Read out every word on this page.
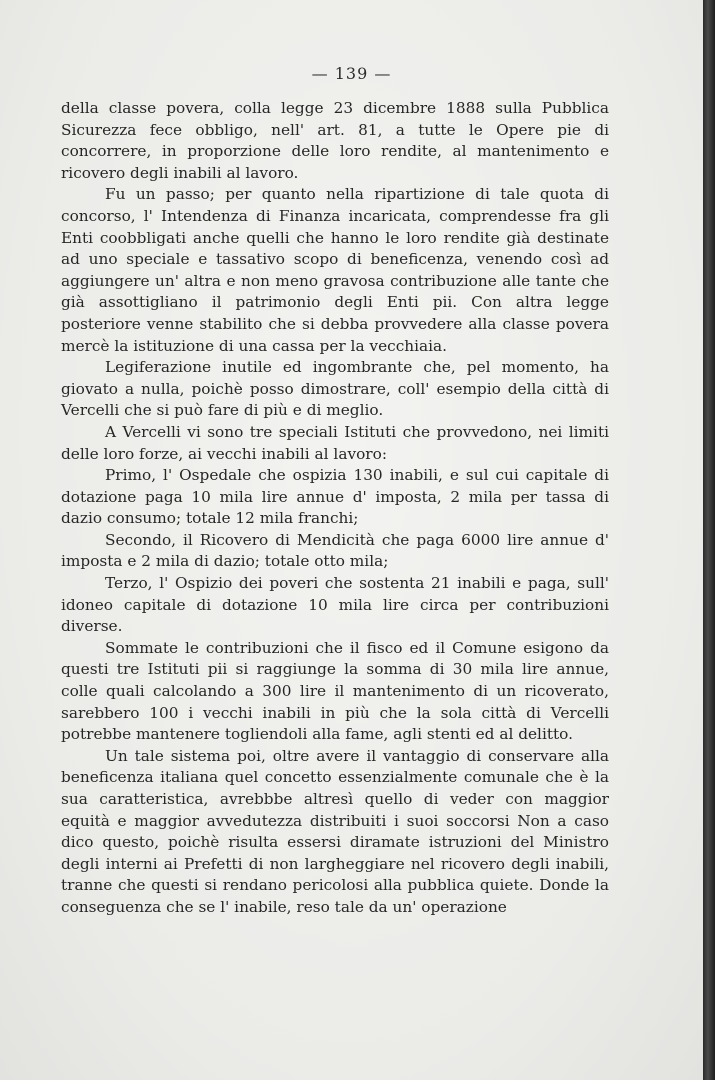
— 139 —

della classe povera, colla legge 23 dicembre 1888 sulla Pubblica Sicurezza fece obbligo, nell' art. 81, a tutte le Opere pie di concorrere, in proporzione delle loro rendite, al mantenimento e ricovero degli inabili al lavoro.

Fu un passo; per quanto nella ripartizione di tale quota di concorso, l' Intendenza di Finanza incaricata, comprendesse fra gli Enti coobbligati anche quelli che hanno le loro rendite già destinate ad uno speciale e tassativo scopo di beneficenza, venendo così ad aggiungere un' altra e non meno gravosa contribuzione alle tante che già assottigliano il patrimonio degli Enti pii. Con altra legge posteriore venne stabilito che si debba provvedere alla classe povera mercè la istituzione di una cassa per la vecchiaia.

Legiferazione inutile ed ingombrante che, pel momento, ha giovato a nulla, poichè posso dimostrare, coll' esempio della città di Vercelli che si può fare di più e di meglio.

A Vercelli vi sono tre speciali Istituti che provvedono, nei limiti delle loro forze, ai vecchi inabili al lavoro:

Primo, l' Ospedale che ospizia 130 inabili, e sul cui capitale di dotazione paga 10 mila lire annue d' imposta, 2 mila per tassa di dazio consumo; totale 12 mila franchi;

Secondo, il Ricovero di Mendicità che paga 6000 lire annue d' imposta e 2 mila di dazio; totale otto mila;

Terzo, l' Ospizio dei poveri che sostenta 21 inabili e paga, sull' idoneo capitale di dotazione 10 mila lire circa per contribuzioni diverse.

Sommate le contribuzioni che il fisco ed il Comune esigono da questi tre Istituti pii si raggiunge la somma di 30 mila lire annue, colle quali calcolando a 300 lire il mantenimento di un ricoverato, sarebbero 100 i vecchi inabili in più che la sola città di Vercelli potrebbe mantenere togliendoli alla fame, agli stenti ed al delitto.

Un tale sistema poi, oltre avere il vantaggio di conservare alla beneficenza italiana quel concetto essenzialmente comunale che è la sua caratteristica, avrebbbe altresì quello di veder con maggior equità e maggior avvedutezza distribuiti i suoi soccorsi Non a caso dico questo, poichè risulta essersi diramate istruzioni del Ministro degli interni ai Prefetti di non largheggiare nel ricovero degli inabili, tranne che questi si rendano pericolosi alla pubblica quiete. Donde la conseguenza che se l' inabile, reso tale da un' operazione
